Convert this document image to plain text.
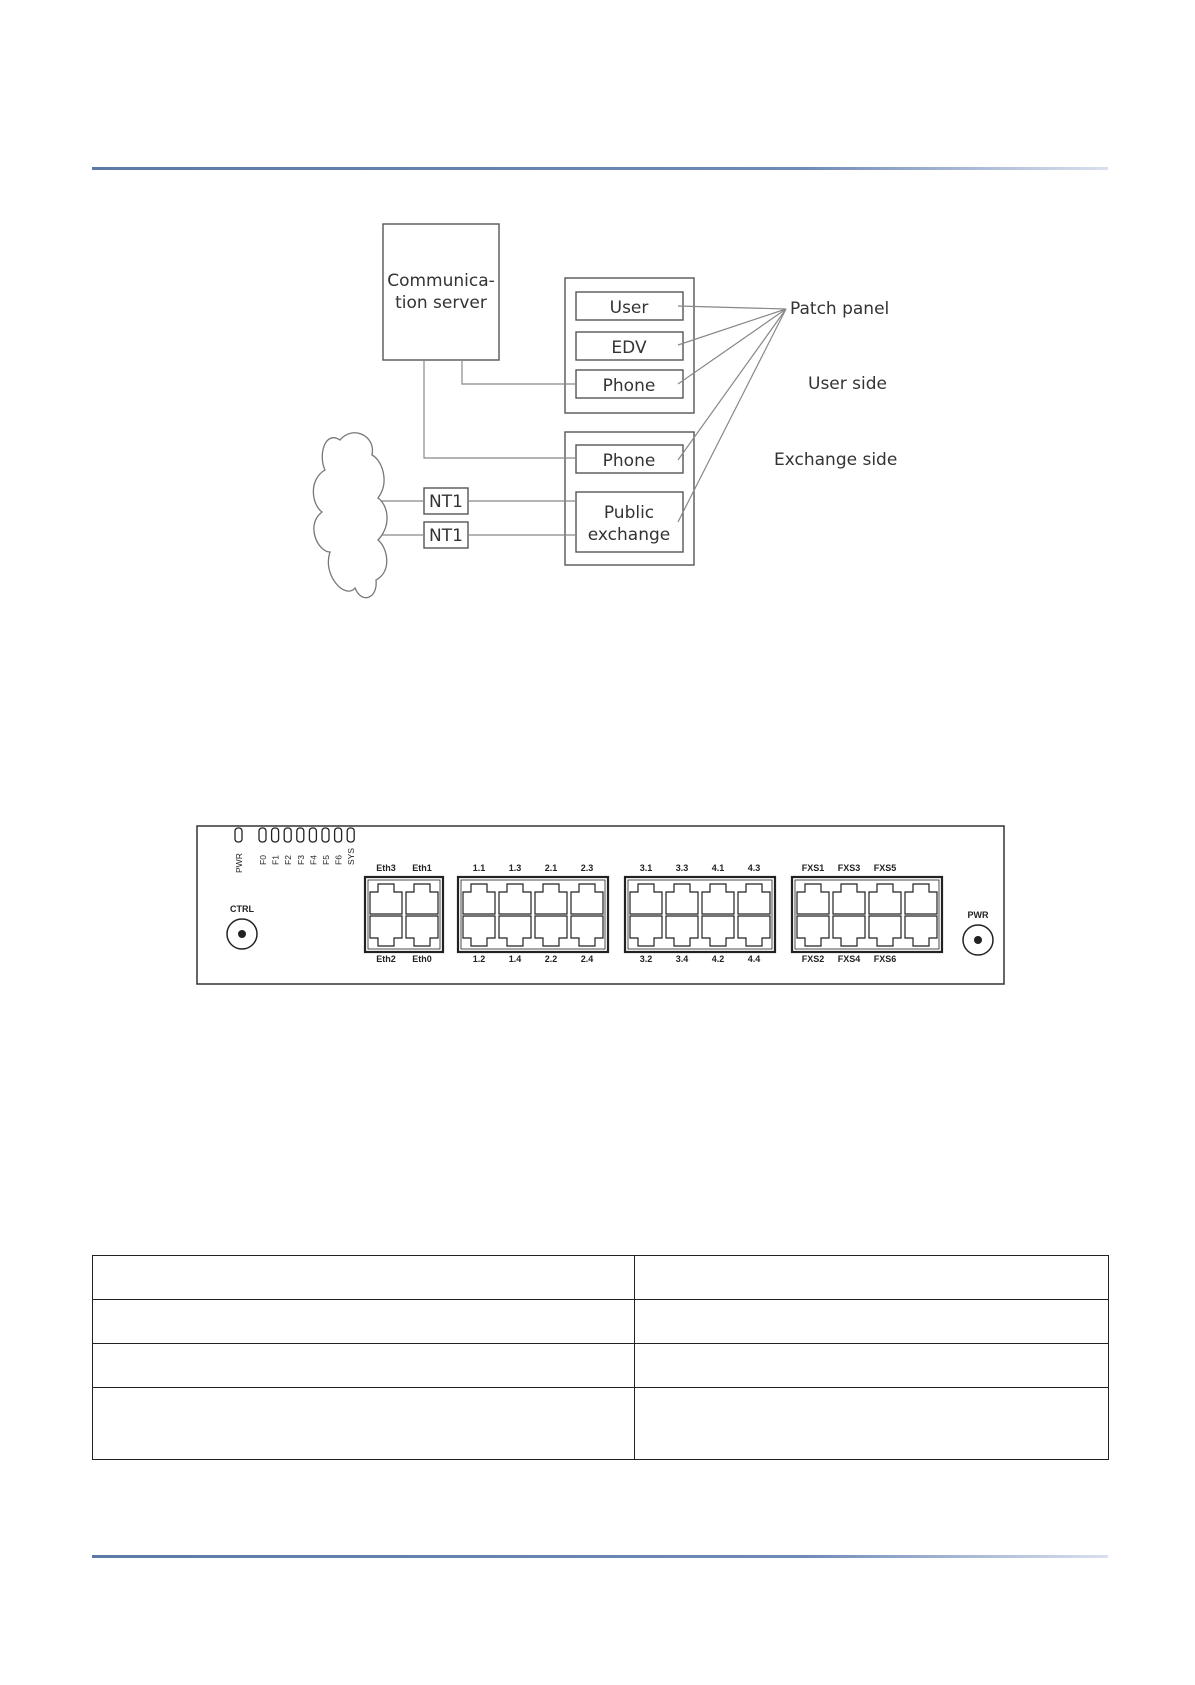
Communica-
tion server	User
EDV
Phone
Phone
Public
exchange
NT1
NT1
Patch panel
User side
Exchange side
PWR F0 F1 F2 F3 F4 F5 F6 SYS
CTRL
PWR
Eth3
Eth2
Eth1
Eth0
1.1
1.2
1.3
1.4
2.1
2.2
2.3
2.4
3.1
3.2
3.3
3.4
4.1
4.2
4.3
4.4
FXS1
FXS2
FXS3
FXS4
FXS5
FXS6
